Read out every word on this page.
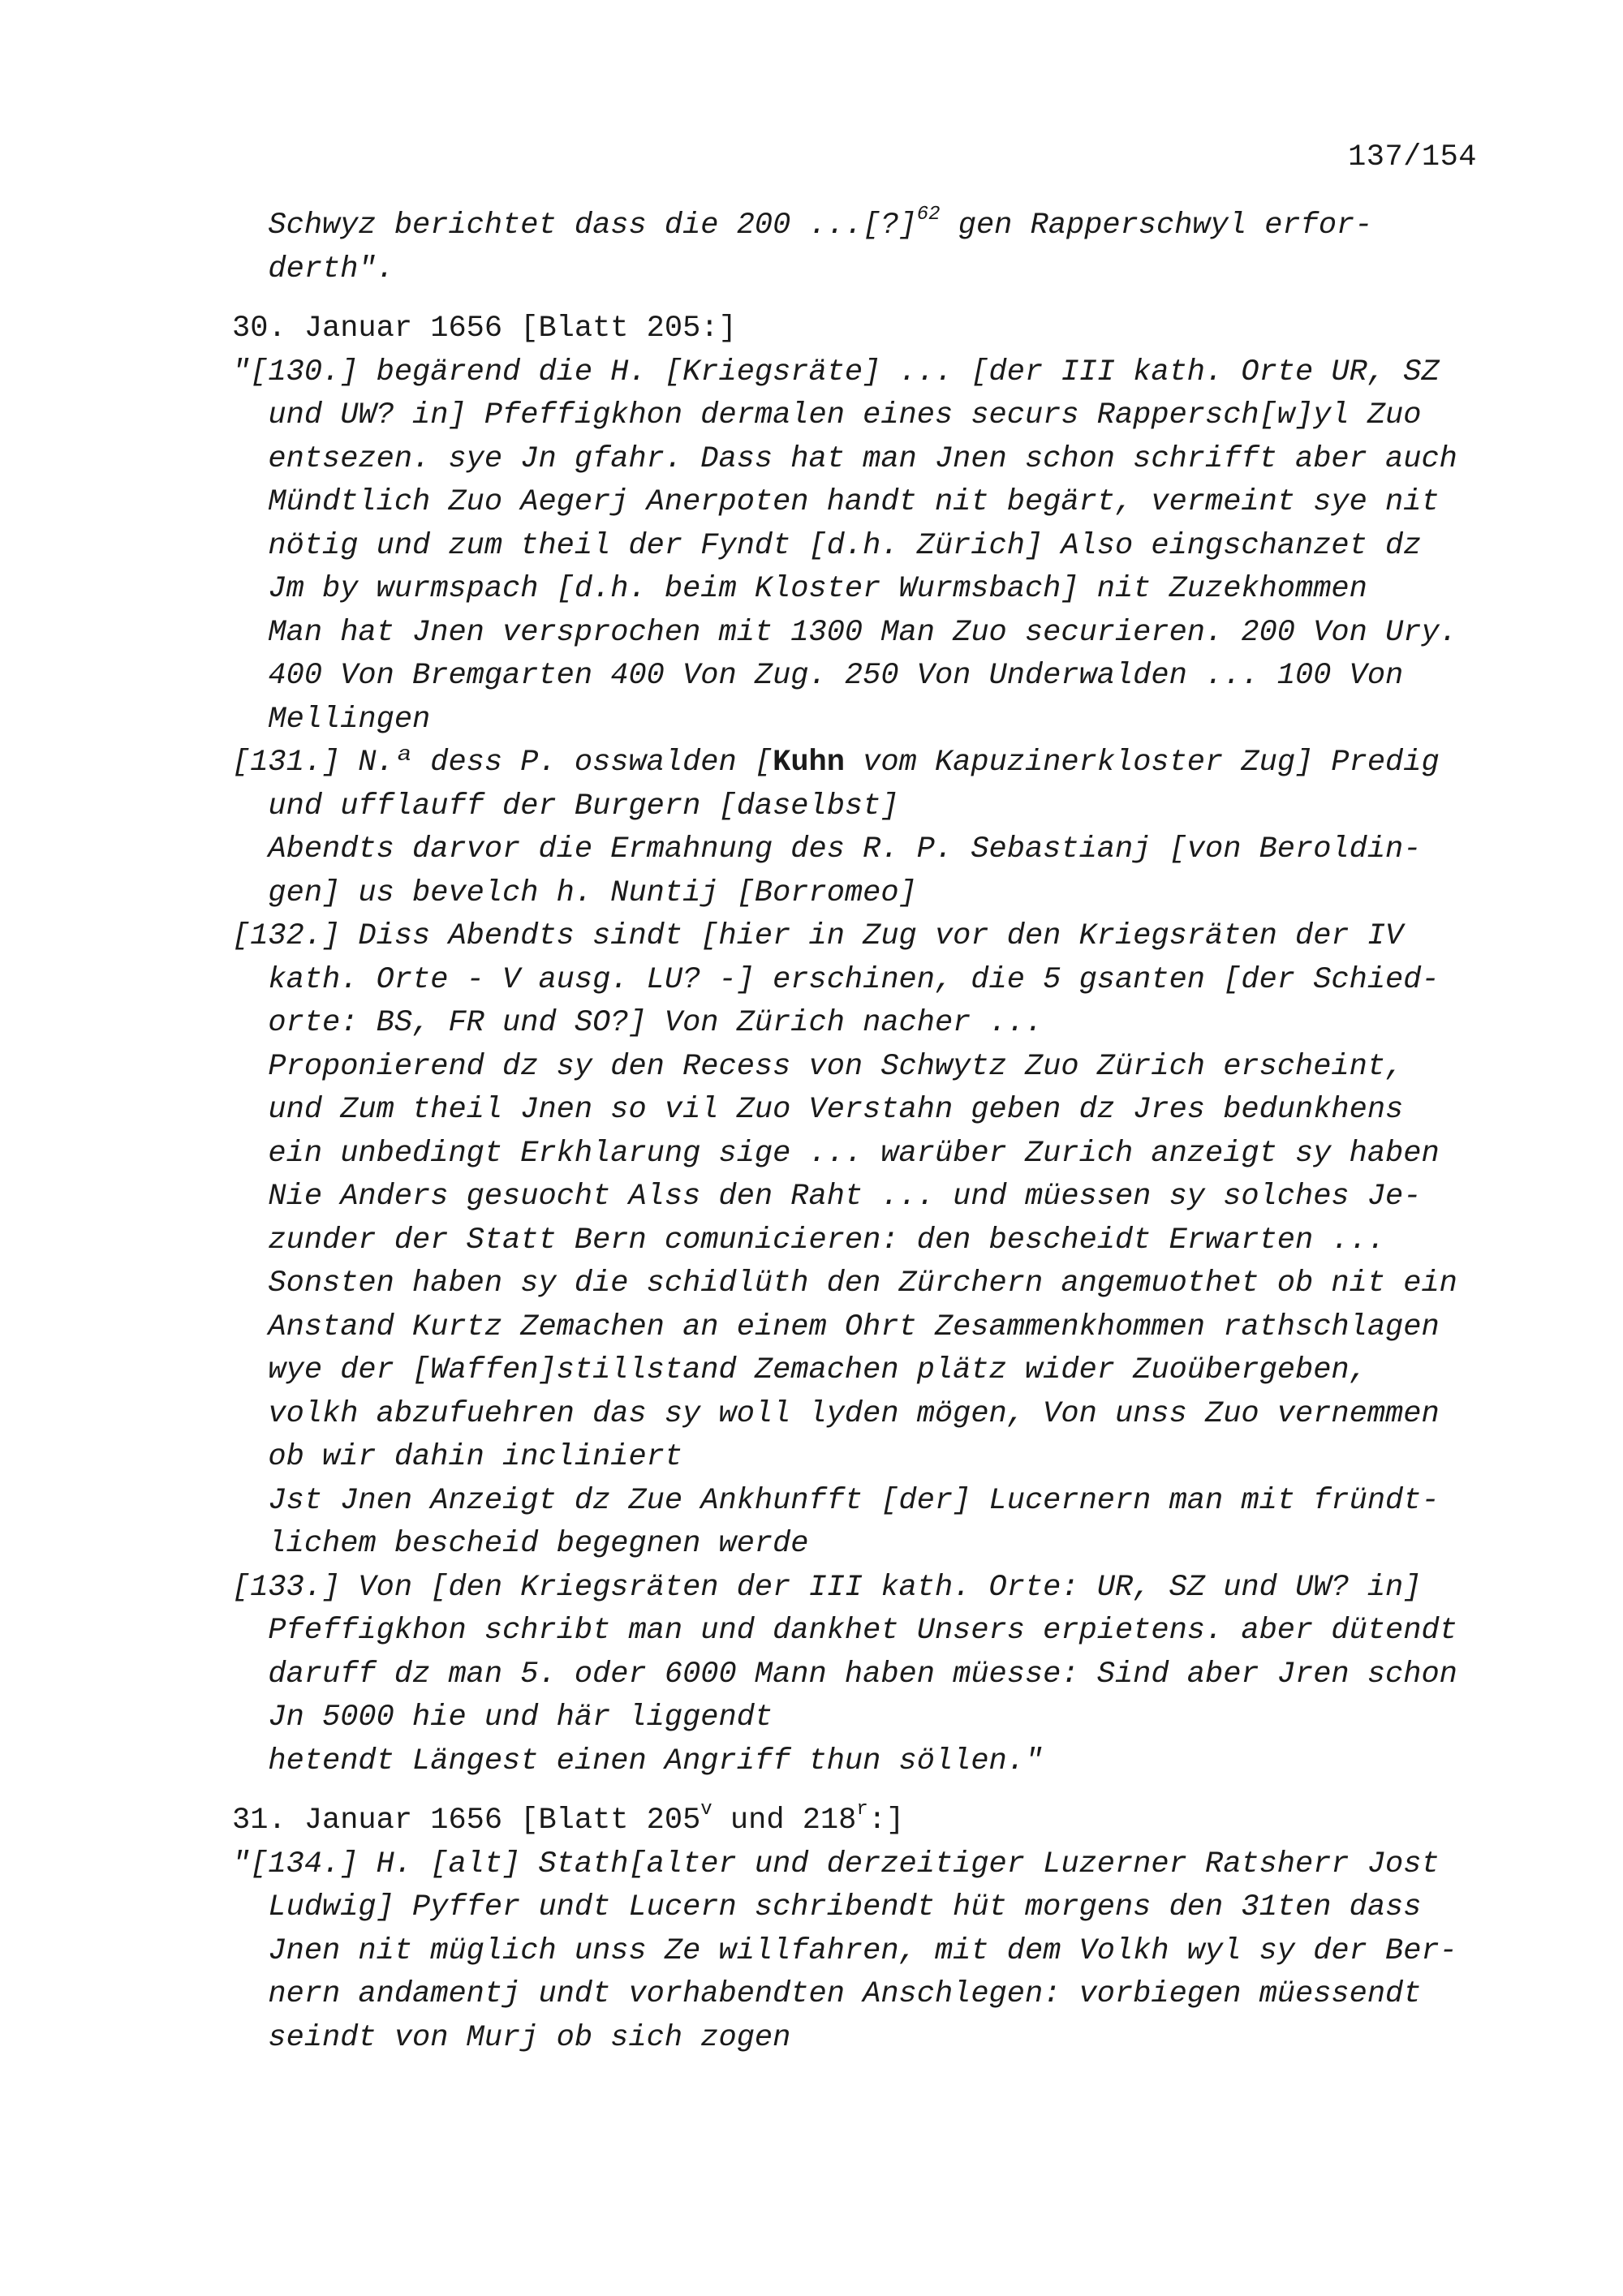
137/154
Schwyz berichtet dass die 200 ...[?]$^{62}$ gen Rapperschwyl erfor-
derth".
30. Januar 1656 [Blatt 205:]
"[130.] begärend die H. [Kriegsräte] ... [der III kath. Orte UR, SZ
und UW? in] Pfeffigkhon dermalen eines securs Rappersch[w]yl Zuo
entsezen. sye Jn gfahr. Dass hat man Jnen schon schrifft aber auch
Mündtlich Zuo Aegerj Anerpoten handt nit begärt, vermeint sye nit
nötig und zum theil der Fyndt [d.h. Zürich] Also eingschanzet dz
Jm by wurmspach [d.h. beim Kloster Wurmsbach] nit Zuzekhommen
Man hat Jnen versprochen mit 1300 Man Zuo securieren. 200 Von Ury.
400 Von Bremgarten 400 Von Zug. 250 Von Underwalden ... 100 Von
Mellingen
[131.] N.ª dess P. osswalden [Kuhn vom Kapuzinerkloster Zug] Predig
und ufflauff der Burgern [daselbst]
Abendts darvor die Ermahnung des R. P. Sebastianj [von Beroldin-
gen] us bevelch h. Nuntij [Borromeo]
[132.] Diss Abendts sindt [hier in Zug vor den Kriegsräten der IV
kath. Orte - V ausg. LU? -] erschinen, die 5 gsanten [der Schied-
orte: BS, FR und SO?] Von Zürich nacher ...
Proponierend dz sy den Recess von Schwytz Zuo Zürich erscheint,
und Zum theil Jnen so vil Zuo Verstahn geben dz Jres bedunkhens
ein unbedingt Erkhlarung sige ... warüber Zurich anzeigt sy haben
Nie Anders gesuocht Alss den Raht ... und müessen sy solches Je-
zunder der Statt Bern comunicieren: den bescheidt Erwarten ...
Sonsten haben sy die schidlüth den Zürchern angemuothet ob nit ein
Anstand Kurtz Zemachen an einem Ohrt Zesammenkhommen rathschlagen
wye der [Waffen]stillstand Zemachen plätz wider Zuoübergeben,
volkh abzufuehren das sy woll lyden mögen, Von unss Zuo vernemmen
ob wir dahin incliniert
Jst Jnen Anzeigt dz Zue Ankhunfft [der] Lucernern man mit fründt-
lichem bescheid begegnen werde
[133.] Von [den Kriegsräten der III kath. Orte: UR, SZ und UW? in]
Pfeffigkhon schribt man und dankhet Unsers erpietens. aber dütendt
daruff dz man 5. oder 6000 Mann haben müesse: Sind aber Jren schon
Jn 5000 hie und här liggendt
hetendt Längest einen Angriff thun söllen."
31. Januar 1656 [Blatt 205$^v$ und 218$^r$:]
"[134.] H. [alt] Stath[alter und derzeitiger Luzerner Ratsherr Jost
Ludwig] Pyffer undt Lucern schribendt hüt morgens den 31ten dass
Jnen nit müglich unss Ze willfahren, mit dem Volkh wyl sy der Ber-
nern andamentj undt vorhabendten Anschlegen: vorbiegen müessendt
seindt von Murj ob sich zogen
